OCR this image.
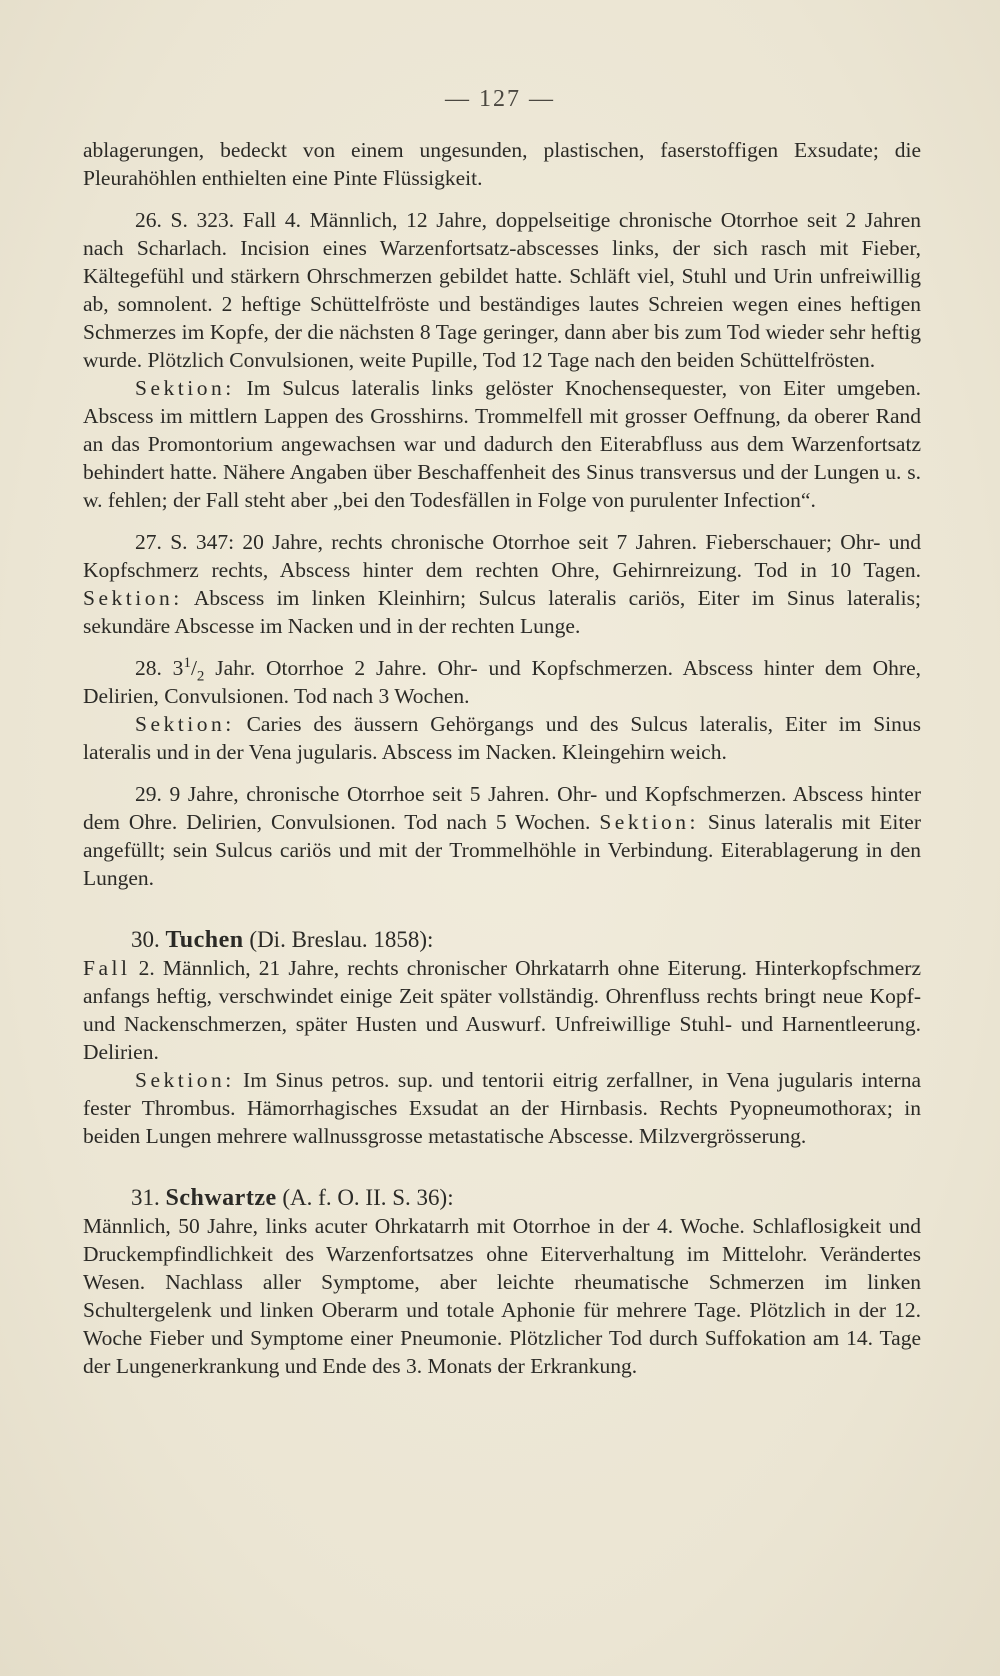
— 127 —

ablagerungen, bedeckt von einem ungesunden, plastischen, faserstoffigen Exsudate; die Pleurahöhlen enthielten eine Pinte Flüssigkeit.

26. S. 323. Fall 4. Männlich, 12 Jahre, doppelseitige chronische Otorrhoe seit 2 Jahren nach Scharlach. Incision eines Warzenfortsatz-abscesses links, der sich rasch mit Fieber, Kältegefühl und stärkern Ohrschmerzen gebildet hatte. Schläft viel, Stuhl und Urin unfreiwillig ab, somnolent. 2 heftige Schüttelfröste und beständiges lautes Schreien wegen eines heftigen Schmerzes im Kopfe, der die nächsten 8 Tage geringer, dann aber bis zum Tod wieder sehr heftig wurde. Plötzlich Convulsionen, weite Pupille, Tod 12 Tage nach den beiden Schüttelfrösten.

Sektion: Im Sulcus lateralis links gelöster Knochensequester, von Eiter umgeben. Abscess im mittlern Lappen des Grosshirns. Trommelfell mit grosser Oeffnung, da oberer Rand an das Promontorium angewachsen war und dadurch den Eiterabfluss aus dem Warzenfortsatz behindert hatte. Nähere Angaben über Beschaffenheit des Sinus transversus und der Lungen u. s. w. fehlen; der Fall steht aber „bei den Todesfällen in Folge von purulenter Infection“.

27. S. 347: 20 Jahre, rechts chronische Otorrhoe seit 7 Jahren. Fieberschauer; Ohr- und Kopfschmerz rechts, Abscess hinter dem rechten Ohre, Gehirnreizung. Tod in 10 Tagen. Sektion: Abscess im linken Kleinhirn; Sulcus lateralis cariös, Eiter im Sinus lateralis; sekundäre Abscesse im Nacken und in der rechten Lunge.

28. $3^1/_2$ Jahr. Otorrhoe 2 Jahre. Ohr- und Kopfschmerzen. Abscess hinter dem Ohre, Delirien, Convulsionen. Tod nach 3 Wochen.

Sektion: Caries des äussern Gehörgangs und des Sulcus lateralis, Eiter im Sinus lateralis und in der Vena jugularis. Abscess im Nacken. Kleingehirn weich.

29. 9 Jahre, chronische Otorrhoe seit 5 Jahren. Ohr- und Kopfschmerzen. Abscess hinter dem Ohre. Delirien, Convulsionen. Tod nach 5 Wochen. Sektion: Sinus lateralis mit Eiter angefüllt; sein Sulcus cariös und mit der Trommelhöhle in Verbindung. Eiterablagerung in den Lungen.

30. Tuchen (Di. Breslau. 1858):

Fall 2. Männlich, 21 Jahre, rechts chronischer Ohrkatarrh ohne Eiterung. Hinterkopfschmerz anfangs heftig, verschwindet einige Zeit später vollständig. Ohrenfluss rechts bringt neue Kopf- und Nackenschmerzen, später Husten und Auswurf. Unfreiwillige Stuhl- und Harnentleerung. Delirien.

Sektion: Im Sinus petros. sup. und tentorii eitrig zerfallner, in Vena jugularis interna fester Thrombus. Hämorrhagisches Exsudat an der Hirnbasis. Rechts Pyopneumothorax; in beiden Lungen mehrere wallnussgrosse metastatische Abscesse. Milzvergrösserung.

31. Schwartze (A. f. O. II. S. 36):

Männlich, 50 Jahre, links acuter Ohrkatarrh mit Otorrhoe in der 4. Woche. Schlaflosigkeit und Druckempfindlichkeit des Warzenfortsatzes ohne Eiterverhaltung im Mittelohr. Verändertes Wesen. Nachlass aller Symptome, aber leichte rheumatische Schmerzen im linken Schultergelenk und linken Oberarm und totale Aphonie für mehrere Tage. Plötzlich in der 12. Woche Fieber und Symptome einer Pneumonie. Plötzlicher Tod durch Suffokation am 14. Tage der Lungenerkrankung und Ende des 3. Monats der Erkrankung.
